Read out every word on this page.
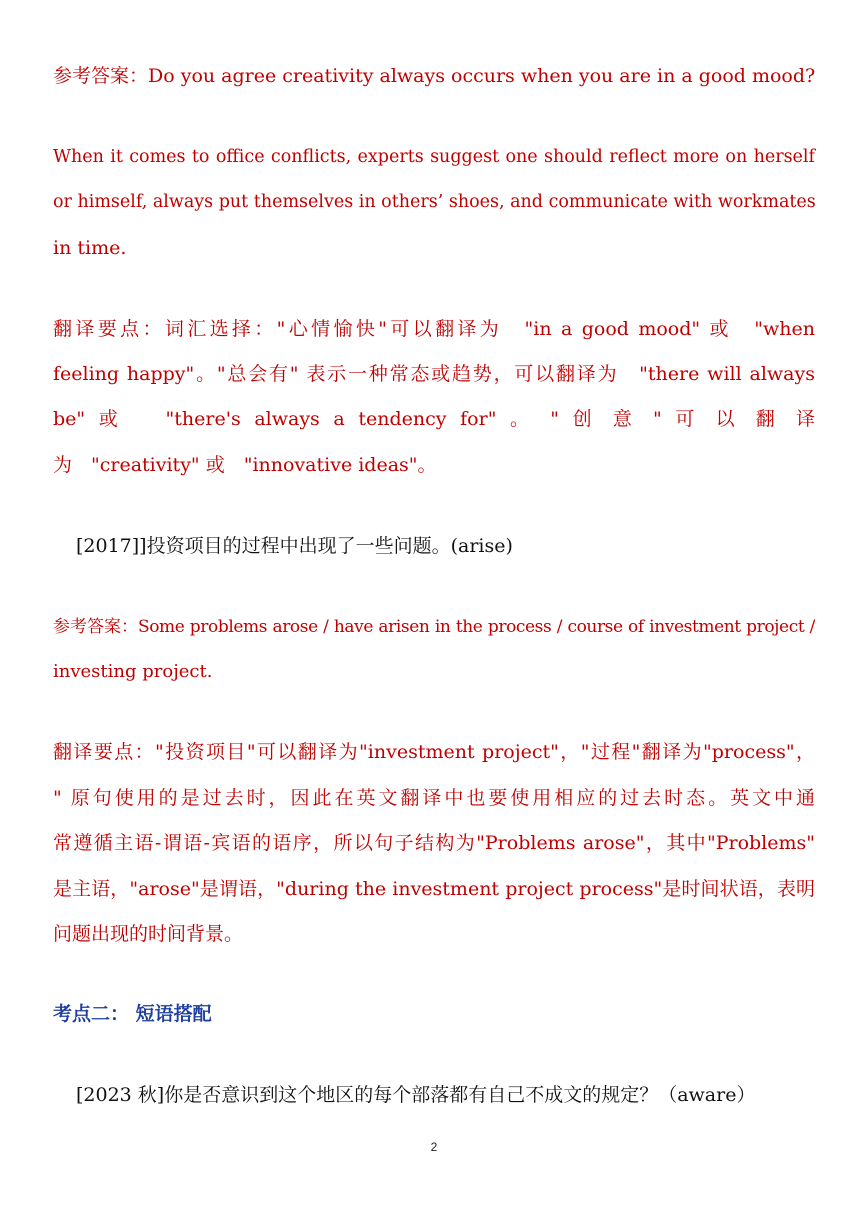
参考答案：Do you agree creativity always occurs when you are in a good mood?
When it comes to office conflicts, experts suggest one should reflect more on herself
or himself, always put themselves in others’ shoes, and communicate with workmates
in time.
翻译要点：词汇选择："心情愉快"可以翻译为　"in a good mood" 或　"when
feeling happy"。"总会有" 表示一种常态或趋势，可以翻译为　"there will always
be" 或　 "there's always a tendency for" 。 " 创 意 " 可 以 翻 译
为　"creativity" 或　"innovative ideas"。
[2017]]投资项目的过程中出现了一些问题。(arise)
参考答案：Some problems arose / have arisen in the process / course of investment project /
investing project.
翻译要点："投资项目"可以翻译为"investment project"，"过程"翻译为"process"，
" 原句使用的是过去时，因此在英文翻译中也要使用相应的过去时态。英文中通
常遵循主语-谓语-宾语的语序，所以句子结构为"Problems arose"，其中"Problems"
是主语，"arose"是谓语，"during the investment project process"是时间状语，表明
问题出现的时间背景。
考点二： 短语搭配
[2023 秋]你是否意识到这个地区的每个部落都有自己不成文的规定？（aware）
2
